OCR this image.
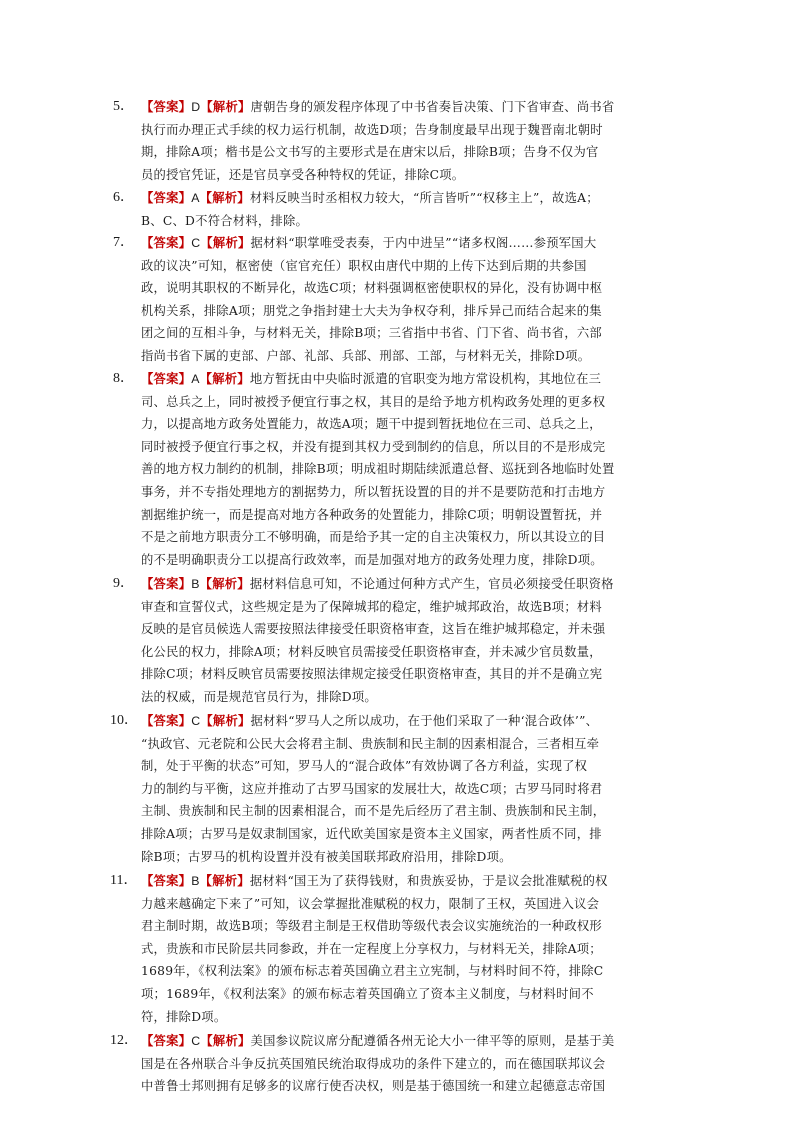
5． 【答案】D【解析】唐朝告身的颁发程序体现了中书省奏旨决策、门下省审查、尚书省
执行而办理正式手续的权力运行机制，故选D项；告身制度最早出现于魏晋南北朝时
期，排除A项；楷书是公文书写的主要形式是在唐宋以后，排除B项；告身不仅为官
员的授官凭证，还是官员享受各种特权的凭证，排除C项。
6． 【答案】A【解析】材料反映当时丞相权力较大，“所言皆听”“权移主上”，故选A；
B、C、D不符合材料，排除。
7． 【答案】C【解析】据材料“职掌唯受表奏，于内中进呈”“诸多权阁……参预军国大
政的议决”可知，枢密使（宦官充任）职权由唐代中期的上传下达到后期的共参国
政，说明其职权的不断异化，故选C项；材料强调枢密使职权的异化，没有协调中枢
机构关系，排除A项；朋党之争指封建士大夫为争权夺利，排斥异己而结合起来的集
团之间的互相斗争，与材料无关，排除B项；三省指中书省、门下省、尚书省，六部
指尚书省下属的吏部、户部、礼部、兵部、刑部、工部，与材料无关，排除D项。
8． 【答案】A【解析】地方暂抚由中央临时派遣的官职变为地方常设机构，其地位在三
司、总兵之上，同时被授予便宜行事之权，其目的是给予地方机构政务处理的更多权
力，以提高地方政务处置能力，故选A项；题干中提到暂抚地位在三司、总兵之上，
同时被授予便宜行事之权，并没有提到其权力受到制约的信息，所以目的不是形成完
善的地方权力制约的机制，排除B项；明成祖时期陆续派遣总督、巡抚到各地临时处置
事务，并不专指处理地方的割据势力，所以暂抚设置的目的并不是要防范和打击地方
割据维护统一，而是提高对地方各种政务的处置能力，排除C项；明朝设置暂抚，并
不是之前地方职责分工不够明确，而是给予其一定的自主决策权力，所以其设立的目
的不是明确职责分工以提高行政效率，而是加强对地方的政务处理力度，排除D项。
9． 【答案】B【解析】据材料信息可知，不论通过何种方式产生，官员必须接受任职资格
审查和宣誓仪式，这些规定是为了保障城邦的稳定，维护城邦政治，故选B项；材料
反映的是官员候选人需要按照法律接受任职资格审查，这旨在维护城邦稳定，并未强
化公民的权力，排除A项；材料反映官员需接受任职资格审查，并未减少官员数量，
排除C项；材料反映官员需要按照法律规定接受任职资格审查，其目的并不是确立宪
法的权威，而是规范官员行为，排除D项。
10． 【答案】C【解析】据材料“罗马人之所以成功，在于他们采取了一种‘混合政体’”、
“执政官、元老院和公民大会将君主制、贵族制和民主制的因素相混合，三者相互牵
制，处于平衡的状态”可知，罗马人的“混合政体”有效协调了各方利益，实现了权
力的制约与平衡，这应并推动了古罗马国家的发展壮大，故选C项；古罗马同时将君
主制、贵族制和民主制的因素相混合，而不是先后经历了君主制、贵族制和民主制，
排除A项；古罗马是奴隶制国家，近代欧美国家是资本主义国家，两者性质不同，排
除B项；古罗马的机构设置并没有被美国联邦政府沿用，排除D项。
11． 【答案】B【解析】据材料“国王为了获得钱财，和贵族妥协，于是议会批准赋税的权
力越来越确定下来了”可知，议会掌握批准赋税的权力，限制了王权，英国进入议会
君主制时期，故选B项；等级君主制是王权借助等级代表会议实施统治的一种政权形
式，贵族和市民阶层共同参政，并在一定程度上分享权力，与材料无关，排除A项；
1689年，《权利法案》的颁布标志着英国确立君主立宪制，与材料时间不符，排除C
项；1689年，《权利法案》的颁布标志着英国确立了资本主义制度，与材料时间不
符，排除D项。
12． 【答案】C【解析】美国参议院议席分配遵循各州无论大小一律平等的原则，是基于美
国是在各州联合斗争反抗英国殖民统治取得成功的条件下建立的，而在德国联邦议会
中普鲁士邦则拥有足够多的议席行使否决权，则是基于德国统一和建立起德意志帝国
